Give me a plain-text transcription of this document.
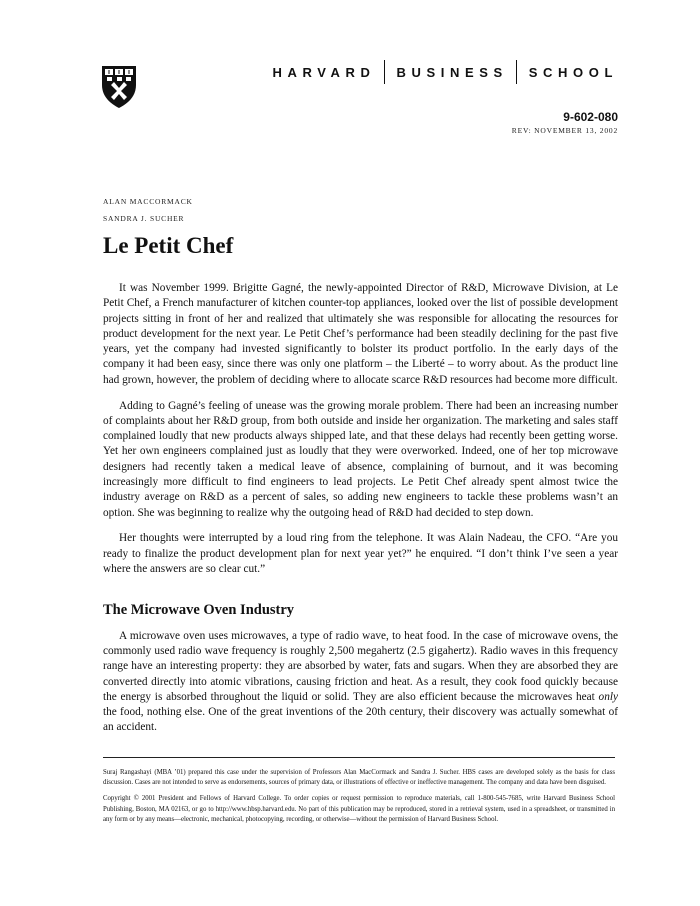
HARVARD BUSINESS SCHOOL
9-602-080
REV: NOVEMBER 13, 2002
ALAN MACCORMACK
SANDRA J. SUCHER
Le Petit Chef

It was November 1999. Brigitte Gagné, the newly-appointed Director of R&D, Microwave Division, at Le Petit Chef, a French manufacturer of kitchen counter-top appliances, looked over the list of possible development projects sitting in front of her and realized that ultimately she was responsible for allocating the resources for product development for the next year. Le Petit Chef’s performance had been steadily declining for the past five years, yet the company had invested significantly to bolster its product portfolio. In the early days of the company it had been easy, since there was only one platform – the Liberté – to worry about. As the product line had grown, however, the problem of deciding where to allocate scarce R&D resources had become more difficult.

Adding to Gagné’s feeling of unease was the growing morale problem. There had been an increasing number of complaints about her R&D group, from both outside and inside her organization. The marketing and sales staff complained loudly that new products always shipped late, and that these delays had recently been getting worse. Yet her own engineers complained just as loudly that they were overworked. Indeed, one of her top microwave designers had recently taken a medical leave of absence, complaining of burnout, and it was becoming increasingly more difficult to find engineers to lead projects. Le Petit Chef already spent almost twice the industry average on R&D as a percent of sales, so adding new engineers to tackle these problems wasn’t an option. She was beginning to realize why the outgoing head of R&D had decided to step down.

Her thoughts were interrupted by a loud ring from the telephone. It was Alain Nadeau, the CFO. “Are you ready to finalize the product development plan for next year yet?” he enquired. “I don’t think I’ve seen a year where the answers are so clear cut.”

The Microwave Oven Industry

A microwave oven uses microwaves, a type of radio wave, to heat food. In the case of microwave ovens, the commonly used radio wave frequency is roughly 2,500 megahertz (2.5 gigahertz). Radio waves in this frequency range have an interesting property: they are absorbed by water, fats and sugars. When they are absorbed they are converted directly into atomic vibrations, causing friction and heat. As a result, they cook food quickly because the energy is absorbed throughout the liquid or solid. They are also efficient because the microwaves heat only the food, nothing else. One of the great inventions of the 20th century, their discovery was actually somewhat of an accident.

Suraj Rangashayi (MBA ’01) prepared this case under the supervision of Professors Alan MacCormack and Sandra J. Sucher. HBS cases are developed solely as the basis for class discussion. Cases are not intended to serve as endorsements, sources of primary data, or illustrations of effective or ineffective management. The company and data have been disguised.

Copyright © 2001 President and Fellows of Harvard College. To order copies or request permission to reproduce materials, call 1-800-545-7685, write Harvard Business School Publishing, Boston, MA 02163, or go to http://www.hbsp.harvard.edu. No part of this publication may be reproduced, stored in a retrieval system, used in a spreadsheet, or transmitted in any form or by any means—electronic, mechanical, photocopying, recording, or otherwise—without the permission of Harvard Business School.
